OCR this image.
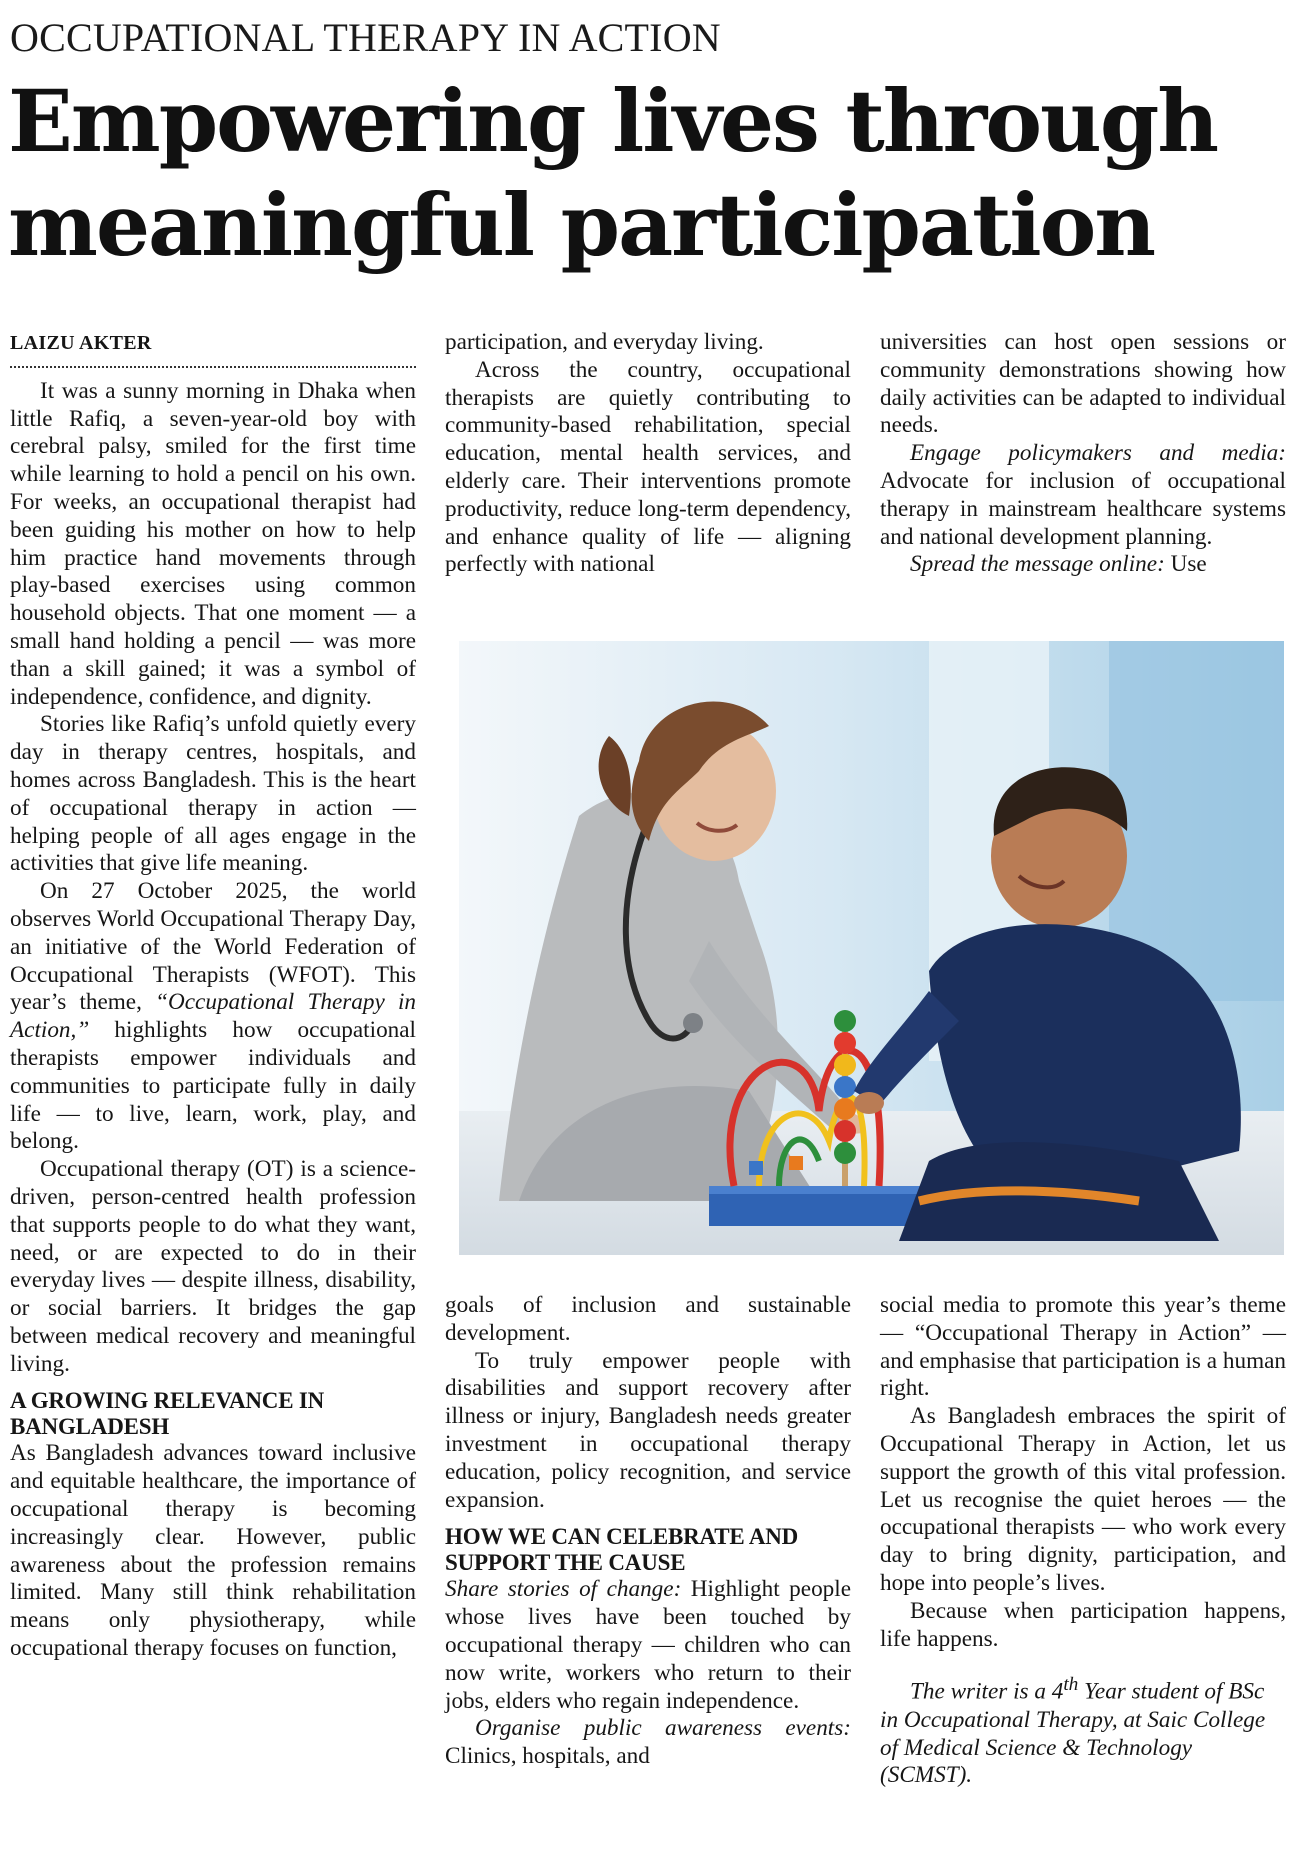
OCCUPATIONAL THERAPY IN ACTION
Empowering lives through meaningful participation
LAIZU AKTER

It was a sunny morning in Dhaka when little Rafiq, a seven-year-old boy with cerebral palsy, smiled for the first time while learning to hold a pencil on his own. For weeks, an occupational therapist had been guiding his mother on how to help him practice hand movements through play-based exercises using common household objects. That one moment — a small hand holding a pencil — was more than a skill gained; it was a symbol of independence, confidence, and dignity.

Stories like Rafiq’s unfold quietly every day in therapy centres, hospitals, and homes across Bangladesh. This is the heart of occupational therapy in action — helping people of all ages engage in the activities that give life meaning.

On 27 October 2025, the world observes World Occupational Therapy Day, an initiative of the World Federation of Occupational Therapists (WFOT). This year’s theme, “Occupational Therapy in Action,” highlights how occupational therapists empower individuals and communities to participate fully in daily life — to live, learn, work, play, and belong.

Occupational therapy (OT) is a science-driven, person-centred health profession that supports people to do what they want, need, or are expected to do in their everyday lives — despite illness, disability, or social barriers. It bridges the gap between medical recovery and meaningful living.

A GROWING RELEVANCE IN BANGLADESH

As Bangladesh advances toward inclusive and equitable healthcare, the importance of occupational therapy is becoming increasingly clear. However, public awareness about the profession remains limited. Many still think rehabilitation means only physiotherapy, while occupational therapy focuses on function,

participation, and everyday living.

Across the country, occupational therapists are quietly contributing to community-based rehabilitation, special education, mental health services, and elderly care. Their interventions promote productivity, reduce long-term dependency, and enhance quality of life — aligning perfectly with national

universities can host open sessions or community demonstrations showing how daily activities can be adapted to individual needs.

Engage policymakers and media: Advocate for inclusion of occupational therapy in mainstream healthcare systems and national development planning.

Spread the message online: Use

goals of inclusion and sustainable development.

To truly empower people with disabilities and support recovery after illness or injury, Bangladesh needs greater investment in occupational therapy education, policy recognition, and service expansion.

HOW WE CAN CELEBRATE AND SUPPORT THE CAUSE

Share stories of change: Highlight people whose lives have been touched by occupational therapy — children who can now write, workers who return to their jobs, elders who regain independence.

Organise public awareness events: Clinics, hospitals, and

social media to promote this year’s theme — “Occupational Therapy in Action” — and emphasise that participation is a human right.

As Bangladesh embraces the spirit of Occupational Therapy in Action, let us support the growth of this vital profession. Let us recognise the quiet heroes — the occupational therapists — who work every day to bring dignity, participation, and hope into people’s lives.

Because when participation happens, life happens.

The writer is a 4th Year student of BSc in Occupational Therapy, at Saic College of Medical Science & Technology (SCMST).
